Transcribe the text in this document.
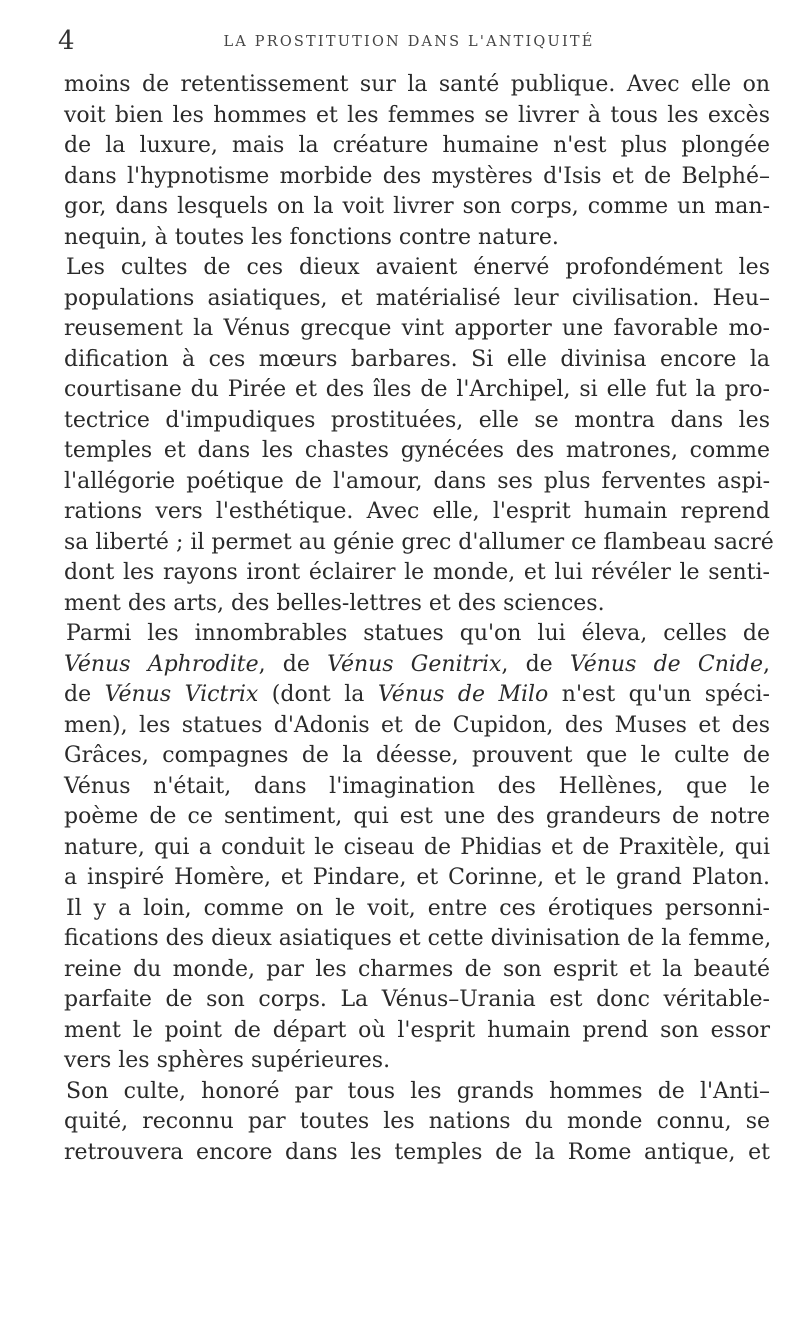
4	LA PROSTITUTION DANS L'ANTIQUITÉ
moins de retentissement sur la santé publique. Avec elle on
voit bien les hommes et les femmes se livrer à tous les excès
de la luxure, mais la créature humaine n'est plus plongée
dans l'hypnotisme morbide des mystères d'Isis et de Belphé–
gor, dans lesquels on la voit livrer son corps, comme un man-
nequin, à toutes les fonctions contre nature.
Les cultes de ces dieux avaient énervé profondément les
populations asiatiques, et matérialisé leur civilisation. Heu–
reusement la Vénus grecque vint apporter une favorable mo-
dification à ces mœurs barbares. Si elle divinisa encore la
courtisane du Pirée et des îles de l'Archipel, si elle fut la pro-
tectrice d'impudiques prostituées, elle se montra dans les
temples et dans les chastes gynécées des matrones, comme
l'allégorie poétique de l'amour, dans ses plus ferventes aspi-
rations vers l'esthétique. Avec elle, l'esprit humain reprend
sa liberté ; il permet au génie grec d'allumer ce flambeau sacré
dont les rayons iront éclairer le monde, et lui révéler le senti-
ment des arts, des belles-lettres et des sciences.
Parmi les innombrables statues qu'on lui éleva, celles de
Vénus Aphrodite, de Vénus Genitrix, de Vénus de Cnide,
de Vénus Victrix (dont la Vénus de Milo n'est qu'un spéci-
men), les statues d'Adonis et de Cupidon, des Muses et des
Grâces, compagnes de la déesse, prouvent que le culte de
Vénus n'était, dans l'imagination des Hellènes, que le
poème de ce sentiment, qui est une des grandeurs de notre
nature, qui a conduit le ciseau de Phidias et de Praxitèle, qui
a inspiré Homère, et Pindare, et Corinne, et le grand Platon.
Il y a loin, comme on le voit, entre ces érotiques personni-
fications des dieux asiatiques et cette divinisation de la femme,
reine du monde, par les charmes de son esprit et la beauté
parfaite de son corps. La Vénus–Urania est donc véritable-
ment le point de départ où l'esprit humain prend son essor
vers les sphères supérieures.
Son culte, honoré par tous les grands hommes de l'Anti–
quité, reconnu par toutes les nations du monde connu, se
retrouvera encore dans les temples de la Rome antique, et
